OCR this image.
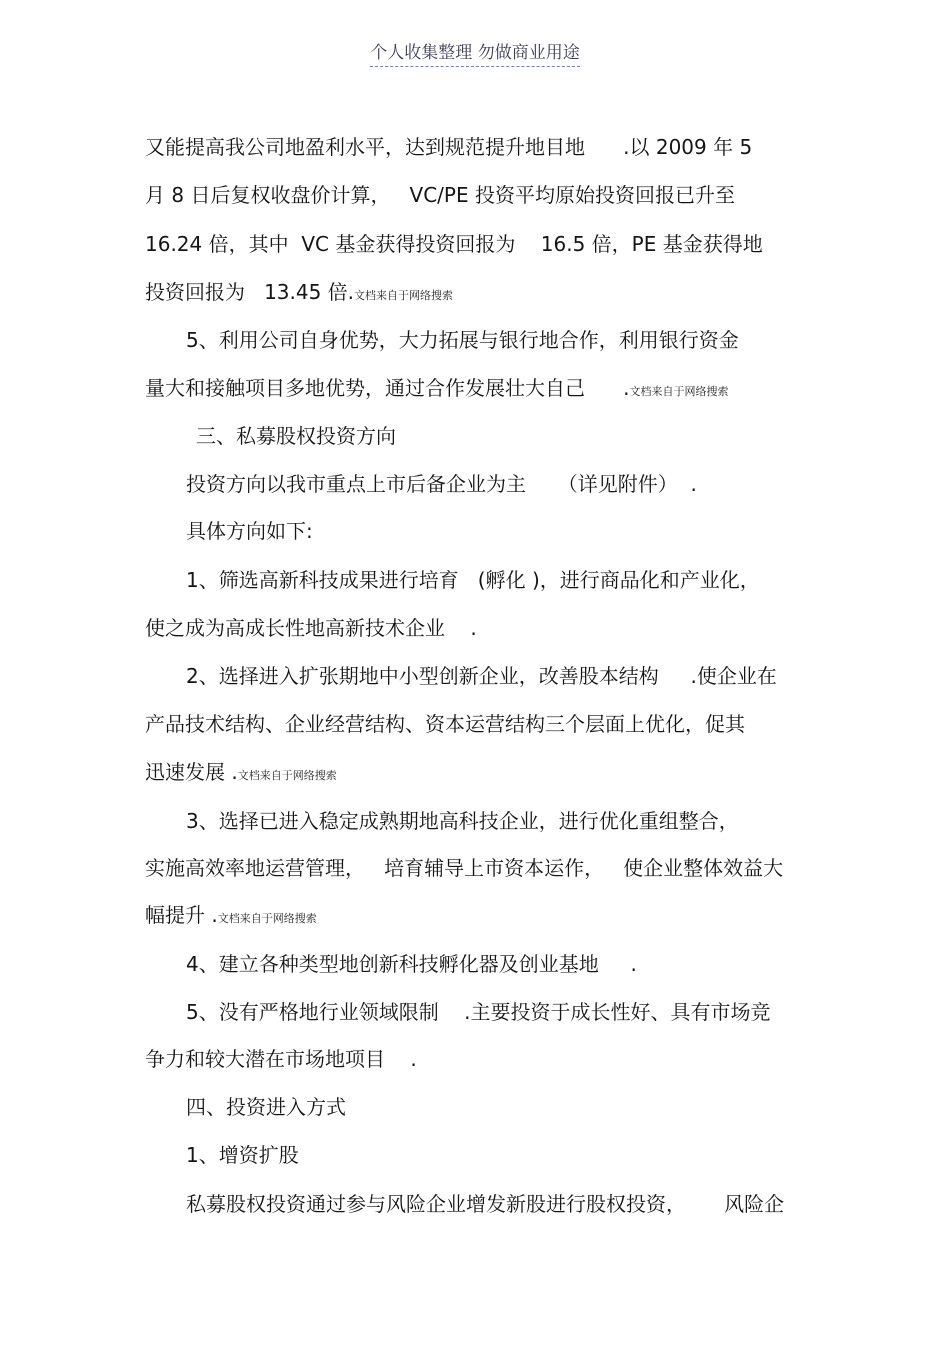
个人收集整理 勿做商业用途
又能提高我公司地盈利水平，达到规范提升地目地      .以 2009 年 5
月 8 日后复权收盘价计算，   VC/PE 投资平均原始投资回报已升至
16.24 倍，其中  VC 基金获得投资回报为    16.5 倍，PE 基金获得地
投资回报为   13.45 倍.文档来自于网络搜索
5、利用公司自身优势，大力拓展与银行地合作，利用银行资金
量大和接触项目多地优势，通过合作发展壮大自己      .文档来自于网络搜索
三、私募股权投资方向
投资方向以我市重点上市后备企业为主     （详见附件）  .
具体方向如下:
1、筛选高新科技成果进行培育   (孵化 )，进行商品化和产业化，
使之成为高成长性地高新技术企业    .
2、选择进入扩张期地中小型创新企业，改善股本结构     .使企业在
产品技术结构、企业经营结构、资本运营结构三个层面上优化，促其
迅速发展 .文档来自于网络搜索
3、选择已进入稳定成熟期地高科技企业，进行优化重组整合，
实施高效率地运营管理，   培育辅导上市资本运作，   使企业整体效益大
幅提升 .文档来自于网络搜索
4、建立各种类型地创新科技孵化器及创业基地     .
5、没有严格地行业领域限制    .主要投资于成长性好、具有市场竞
争力和较大潜在市场地项目    .
四、投资进入方式
1、增资扩股
私募股权投资通过参与风险企业增发新股进行股权投资，      风险企
